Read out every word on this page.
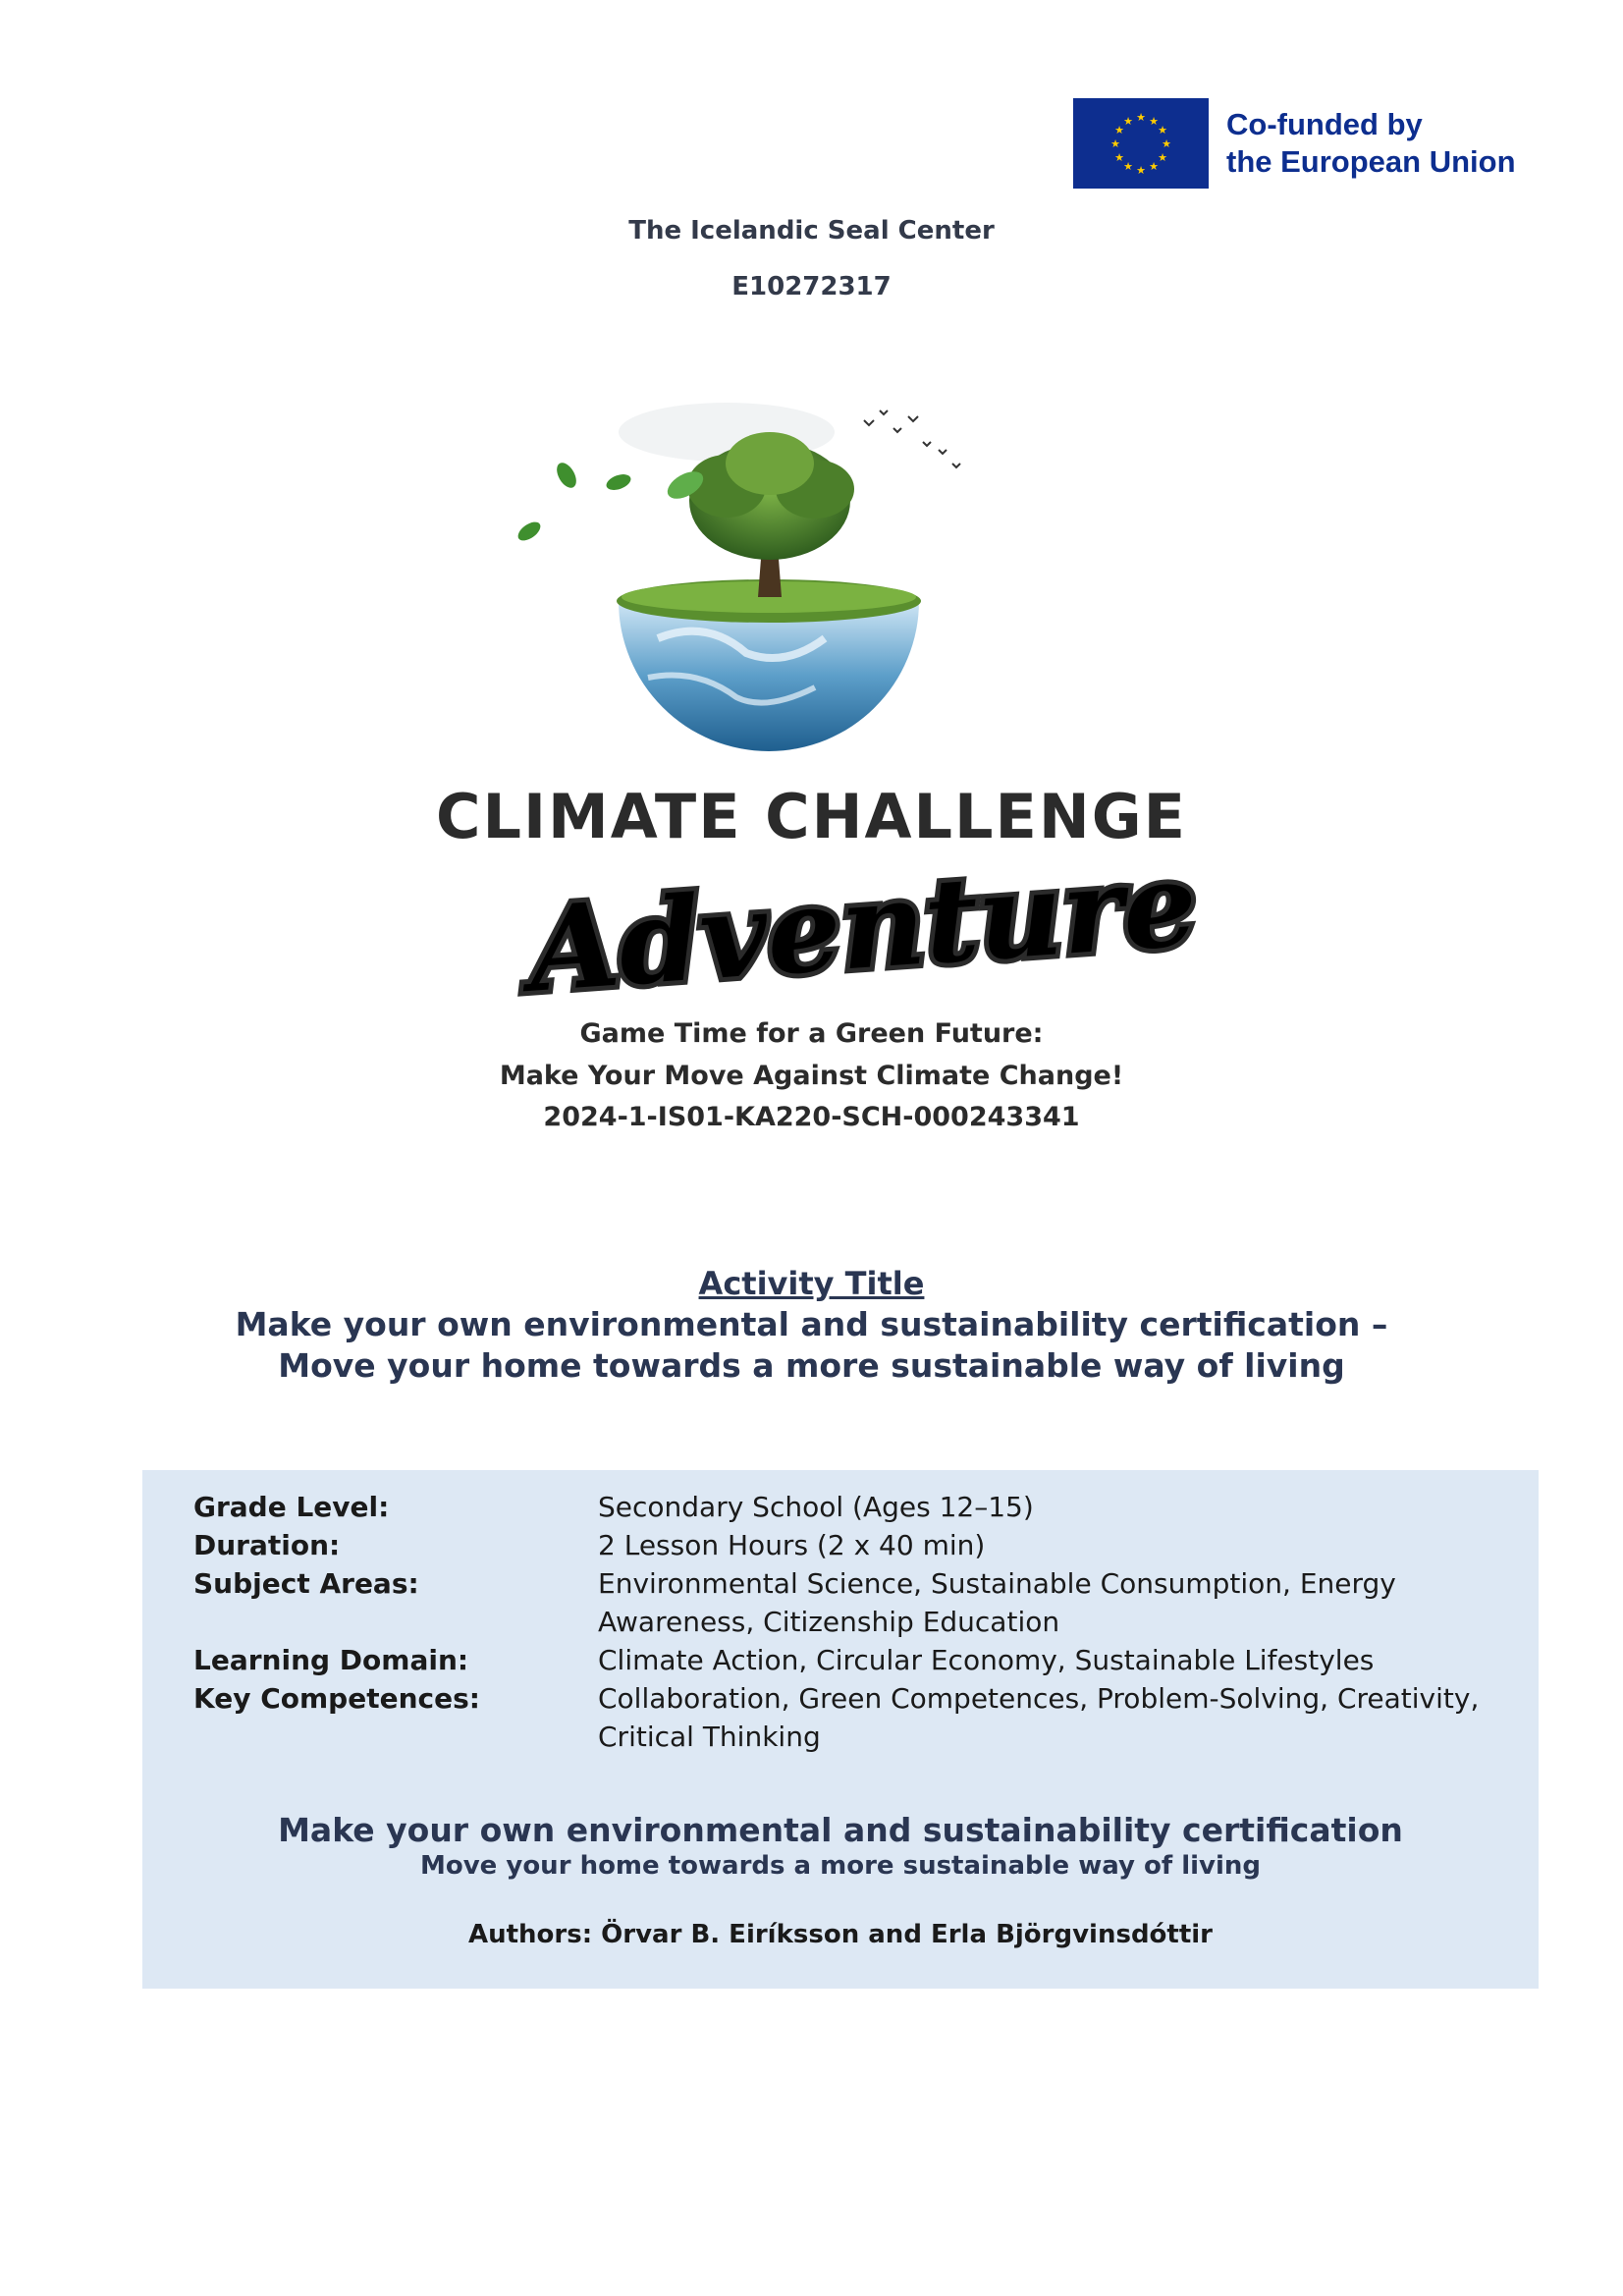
★ ★
★
★
★
★
★
★
★
★
★
★	Co-funded by
the European Union
The Icelandic Seal Center
E10272317
CLIMATE CHALLENGE
Adventure
Game Time for a Green Future:
Make Your Move Against Climate Change!
2024-1-IS01-KA220-SCH-000243341
Activity Title
Make your own environmental and sustainability certification – Move your home towards a more sustainable way of living
Grade Level:	Secondary School (Ages 12–15)
Duration:	2 Lesson Hours (2 x 40 min)
Subject Areas:	Environmental Science, Sustainable Consumption, Energy Awareness, Citizenship Education
Learning Domain:	Climate Action, Circular Economy, Sustainable Lifestyles
Key Competences:	Collaboration, Green Competences, Problem-Solving, Creativity, Critical Thinking
Make your own environmental and sustainability certification
Move your home towards a more sustainable way of living
Authors: Örvar B. Eiríksson and Erla Björgvinsdóttir
